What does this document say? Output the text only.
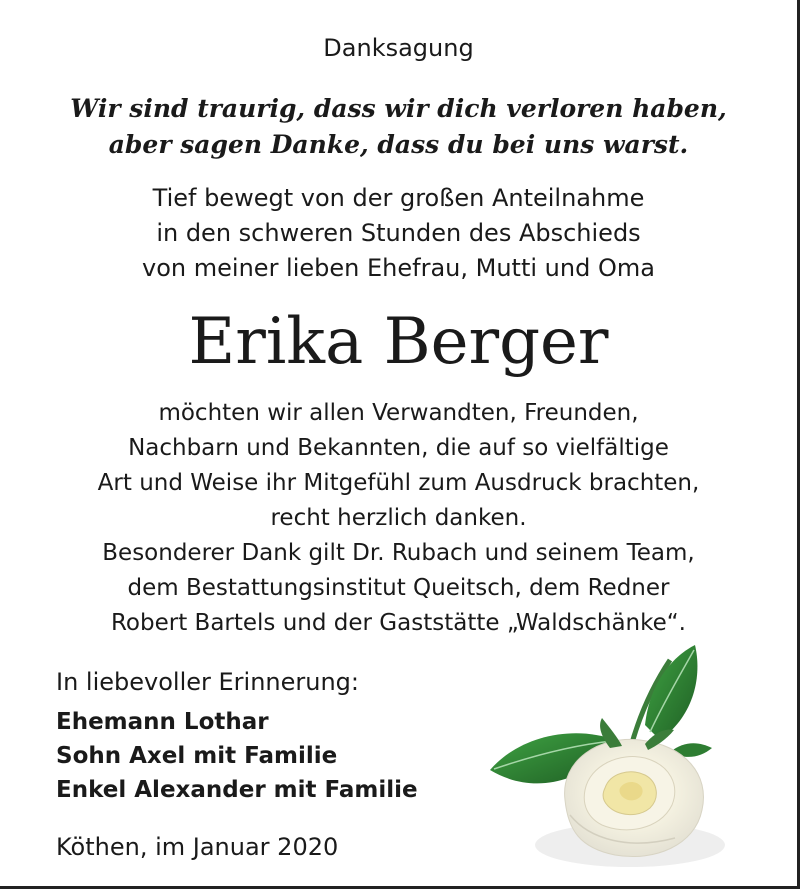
Danksagung
Wir sind traurig, dass wir dich verloren haben,
aber sagen Danke, dass du bei uns warst.
Tief bewegt von der großen Anteilnahme
in den schweren Stunden des Abschieds
von meiner lieben Ehefrau, Mutti und Oma
Erika Berger
möchten wir allen Verwandten, Freunden,
Nachbarn und Bekannten, die auf so vielfältige
Art und Weise ihr Mitgefühl zum Ausdruck brachten,
recht herzlich danken.
Besonderer Dank gilt Dr. Rubach und seinem Team,
dem Bestattungsinstitut Queitsch, dem Redner
Robert Bartels und der Gaststätte „Waldschänke“.
In liebevoller Erinnerung:
Ehemann Lothar
Sohn Axel mit Familie
Enkel Alexander mit Familie
Köthen, im Januar 2020
